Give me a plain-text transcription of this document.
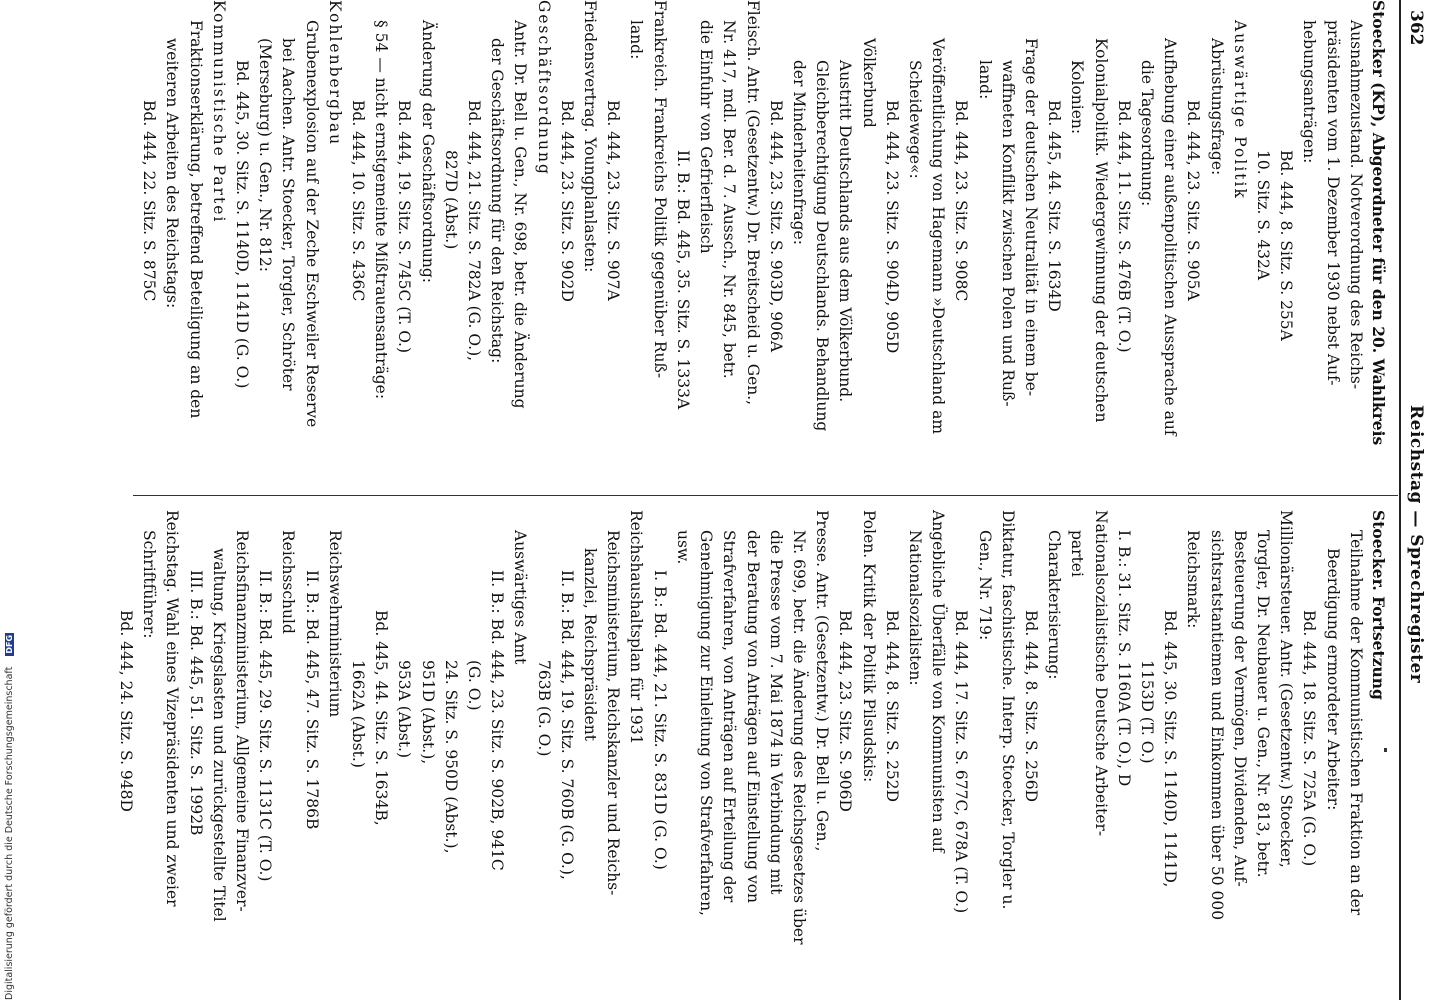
362
Reichstag — Sprechregister
Stoecker (KP), Abgeordneter für den 20. Wahlkreis
Ausnahmezustand. Notverordnung des Reichs-
präsidenten vom 1. Dezember 1930 nebst Auf-
hebungsanträgen:
Bd. 444, 8. Sitz. S. 255A
10. Sitz. S. 432A
Auswärtige Politik
Abrüstungsfrage:
Bd. 444, 23. Sitz. S. 905A
Aufhebung einer außenpolitischen Aussprache auf
die Tagesordnung:
Bd. 444, 11. Sitz. S. 476B (T. O.)
Kolonialpolitik. Wiedergewinnung der deutschen
Kolonien:
Bd. 445, 44. Sitz. S. 1634D
Frage der deutschen Neutralität in einem be-
waffneten Konflikt zwischen Polen und Ruß-
land:
Bd. 444, 23. Sitz. S. 908C
Veröffentlichung von Hagemann »Deutschland am
Scheidewege«:
Bd. 444, 23. Sitz. S. 904D, 905D
Völkerbund
Austritt Deutschlands aus dem Völkerbund.
Gleichberechtigung Deutschlands. Behandlung
der Minderheitenfrage:
Bd. 444, 23. Sitz. S. 903D, 906A
Fleisch. Antr. (Gesetzentw.) Dr. Breitscheid u. Gen.,
Nr. 417, mdl. Ber. d. 7. Aussch., Nr. 845, betr.
die Einfuhr von Gefrierfleisch
II. B.: Bd. 445, 35. Sitz. S. 1333A
Frankreich. Frankreichs Politik gegenüber Ruß-
land:
Bd. 444, 23. Sitz. S. 907A
Friedensvertrag. Youngplanlasten:
Bd. 444, 23. Sitz. S. 902D
Geschäftsordnung
Antr. Dr. Bell u. Gen., Nr. 698, betr. die Änderung
der Geschäftsordnung für den Reichstag:
Bd. 444, 21. Sitz. S. 782A (G. O.),
827D (Abst.)
Änderung der Geschäftsordnung:
Bd. 444, 19. Sitz. S. 745C (T. O.)
§ 54 — nicht ernstgemeinte Mißtrauensanträge:
Bd. 444, 10. Sitz. S. 436C
Kohlenbergbau
Grubenexplosion auf der Zeche Eschweiler Reserve
bei Aachen. Antr. Stoecker, Torgler, Schröter
(Merseburg) u. Gen., Nr. 812:
Bd. 445, 30. Sitz. S. 1140D, 1141D (G. O.)
Kommunistische Partei
Fraktionserklärung, betreffend Beteiligung an den
weiteren Arbeiten des Reichstags:
Bd. 444, 22. Sitz. S. 875C
Stoecker. Fortsetzung
Teilnahme der Kommunistischen Fraktion an der
Beerdigung ermordeter Arbeiter:
Bd. 444, 18. Sitz. S. 725A (G. O.)
Millionärsteuer. Antr. (Gesetzentw.) Stoecker,
Torgler, Dr. Neubauer u. Gen., Nr. 813, betr.
Besteuerung der Vermögen, Dividenden, Auf-
sichtsratstantiemen und Einkommen über 50 000
Reichsmark:
Bd. 445, 30. Sitz. S. 1140D, 1141D,
1153D (T. O.)
I. B.: 31. Sitz. S. 1160A (T. O.), D
Nationalsozialistische Deutsche Arbeiter-
partei
Charakterisierung:
Bd. 444, 8. Sitz. S. 256D
Diktatur, faschistische. Interp. Stoecker, Torgler u.
Gen., Nr. 719:
Bd. 444, 17. Sitz. S. 677C, 678A (T. O.)
Angebliche Überfälle von Kommunisten auf
Nationalsozialisten:
Bd. 444, 8. Sitz. S. 252D
Polen. Kritik der Politik Pilsudskis:
Bd. 444, 23. Sitz. S. 906D
Presse. Antr. (Gesetzentw.) Dr. Bell u. Gen.,
Nr. 699, betr. die Änderung des Reichsgesetzes über
die Presse vom 7. Mai 1874 in Verbindung mit
der Beratung von Anträgen auf Einstellung von
Strafverfahren, von Anträgen auf Erteilung der
Genehmigung zur Einleitung von Strafverfahren,
usw.
I. B.: Bd. 444, 21. Sitz. S. 831D (G. O.)
Reichshaushaltsplan für 1931
Reichsministerium, Reichskanzler und Reichs-
kanzlei, Reichspräsident
II. B.: Bd. 444, 19. Sitz. S. 760B (G. O.),
763B (G. O.)
Auswärtiges Amt
II. B.: Bd. 444, 23. Sitz. S. 902B, 941C
(G. O.)
24. Sitz. S. 950D (Abst.),
951D (Abst.),
953A (Abst.)
Bd. 445, 44. Sitz. S. 1634B,
1662A (Abst.)
Reichswehrministerium
II. B.: Bd. 445, 47. Sitz. S. 1786B
Reichsschuld
II. B.: Bd. 445, 29. Sitz. S. 1131C (T. O.)
Reichsfinanzministerium, Allgemeine Finanzver-
waltung, Kriegslasten und zurückgestellte Titel
III. B.: Bd. 445, 51. Sitz. S. 1992B
Reichstag. Wahl eines Vizepräsidenten und zweier
Schriftführer:
Bd. 444, 24. Sitz. S. 948D
Digitalisierung gefördert durch die Deutsche Forschungsgemeinschaft DFG
